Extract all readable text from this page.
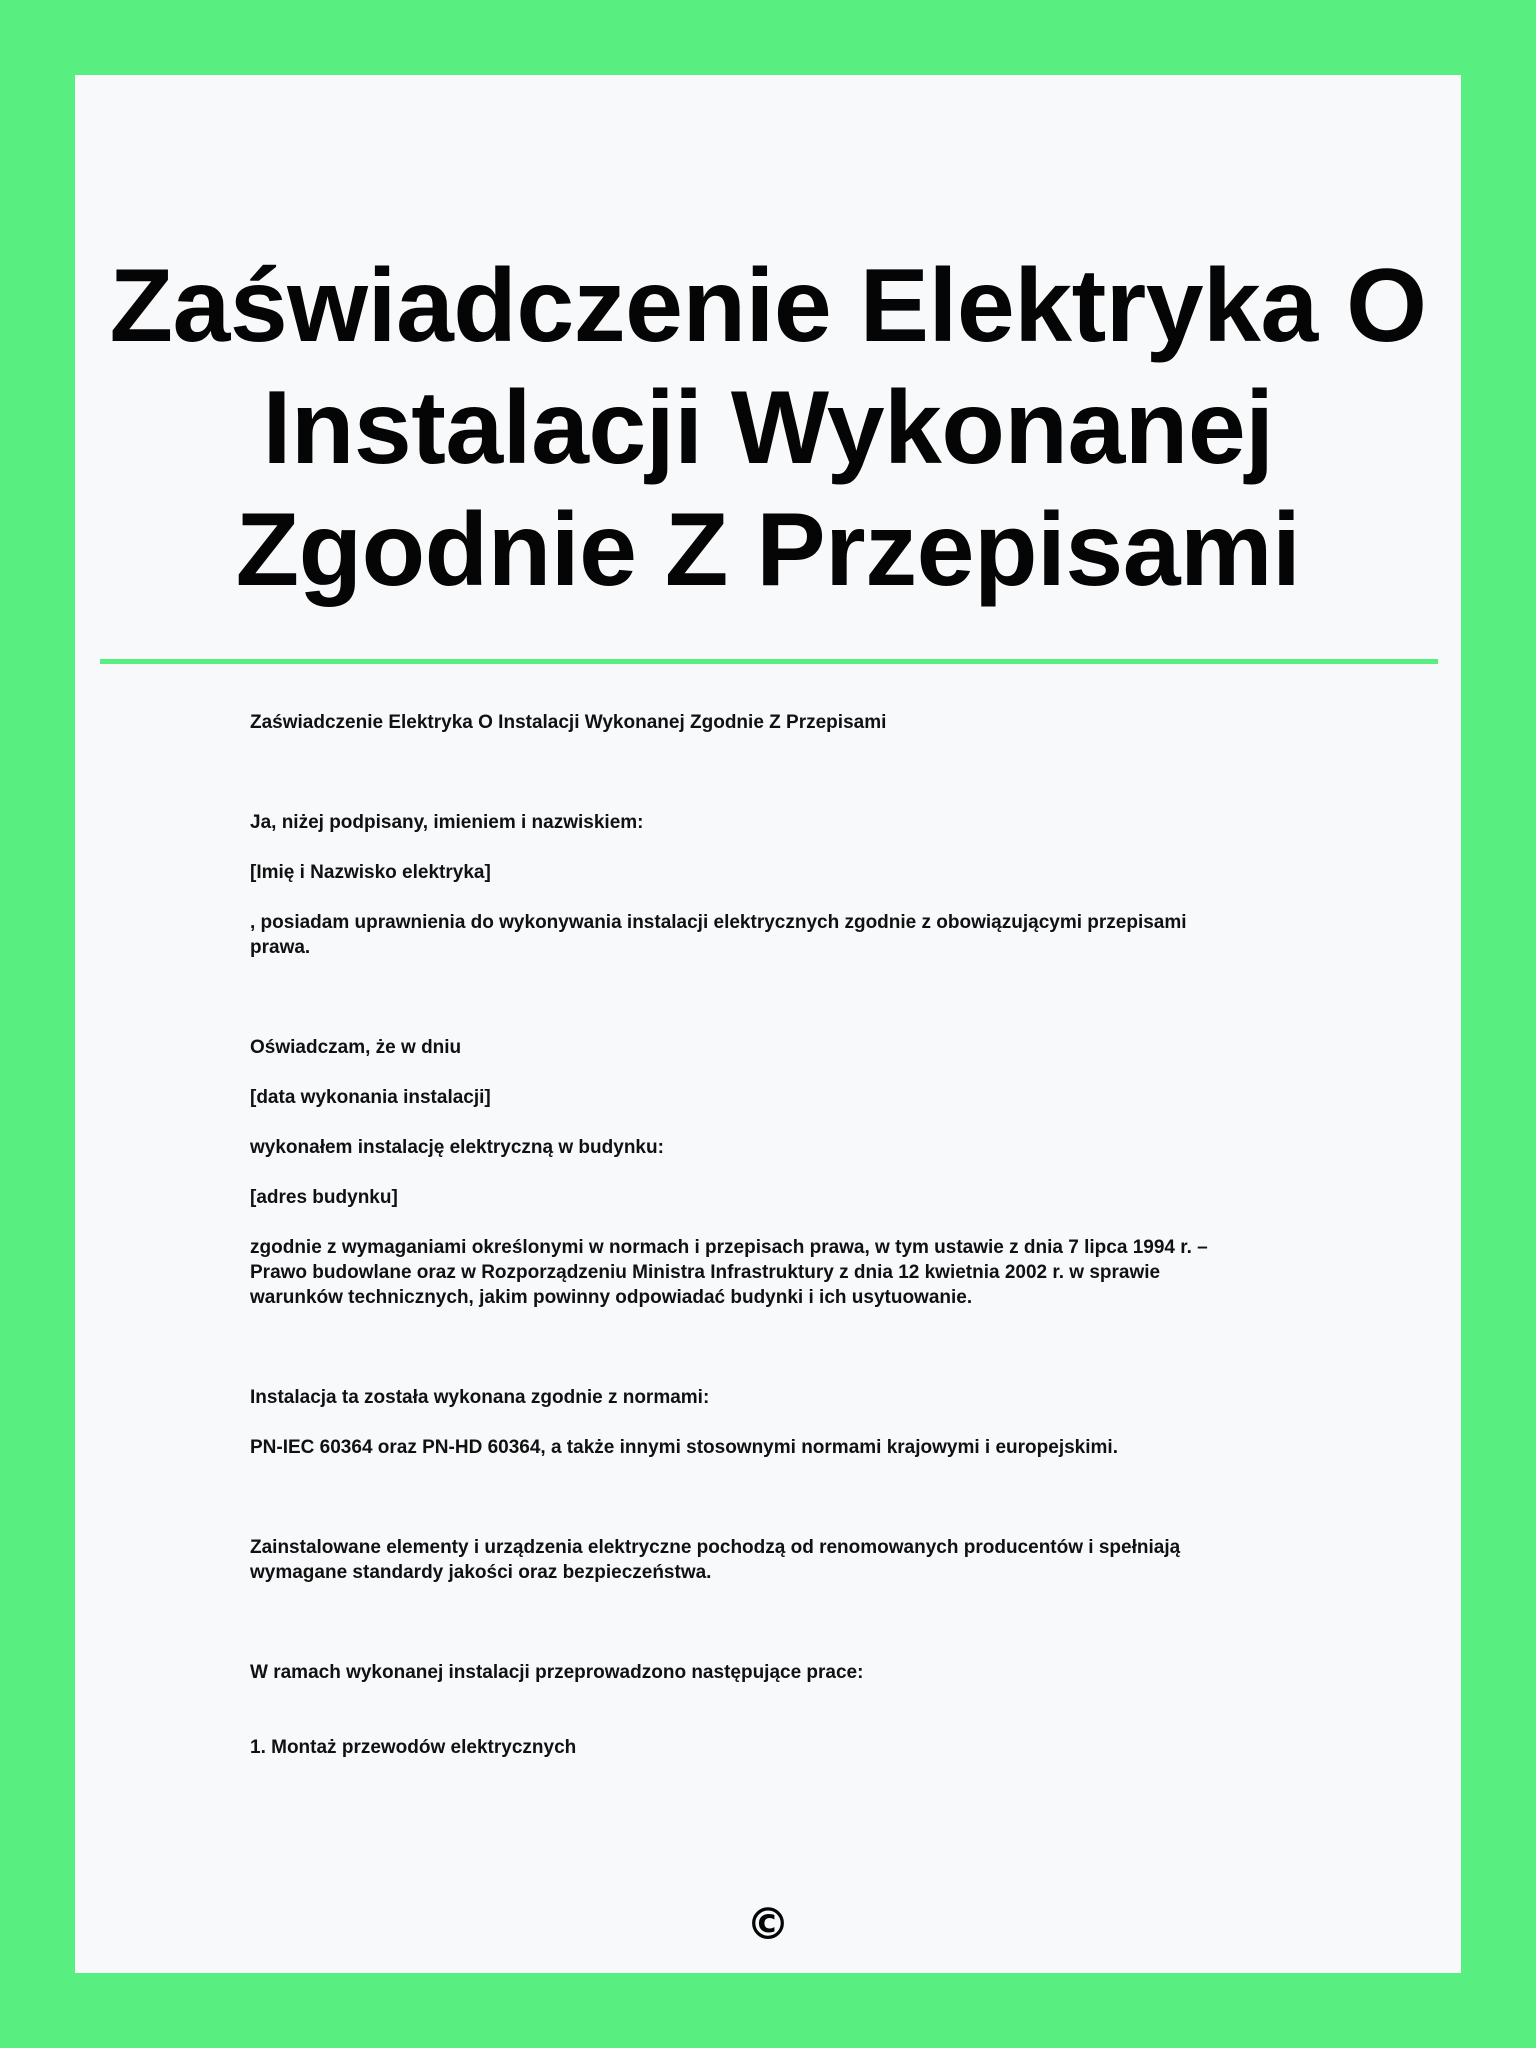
Zaświadczenie Elektryka O Instalacji Wykonanej Zgodnie Z Przepisami

Zaświadczenie Elektryka O Instalacji Wykonanej Zgodnie Z Przepisami

Ja, niżej podpisany, imieniem i nazwiskiem:

[Imię i Nazwisko elektryka]

, posiadam uprawnienia do wykonywania instalacji elektrycznych zgodnie z obowiązującymi przepisami

prawa.

Oświadczam, że w dniu

[data wykonania instalacji]

wykonałem instalację elektryczną w budynku:

[adres budynku]

zgodnie z wymaganiami określonymi w normach i przepisach prawa, w tym ustawie z dnia 7 lipca 1994 r. –

Prawo budowlane oraz w Rozporządzeniu Ministra Infrastruktury z dnia 12 kwietnia 2002 r. w sprawie

warunków technicznych, jakim powinny odpowiadać budynki i ich usytuowanie.

Instalacja ta została wykonana zgodnie z normami:

PN-IEC 60364 oraz PN-HD 60364, a także innymi stosownymi normami krajowymi i europejskimi.

Zainstalowane elementy i urządzenia elektryczne pochodzą od renomowanych producentów i spełniają

wymagane standardy jakości oraz bezpieczeństwa.

W ramach wykonanej instalacji przeprowadzono następujące prace:

1. Montaż przewodów elektrycznych

©
